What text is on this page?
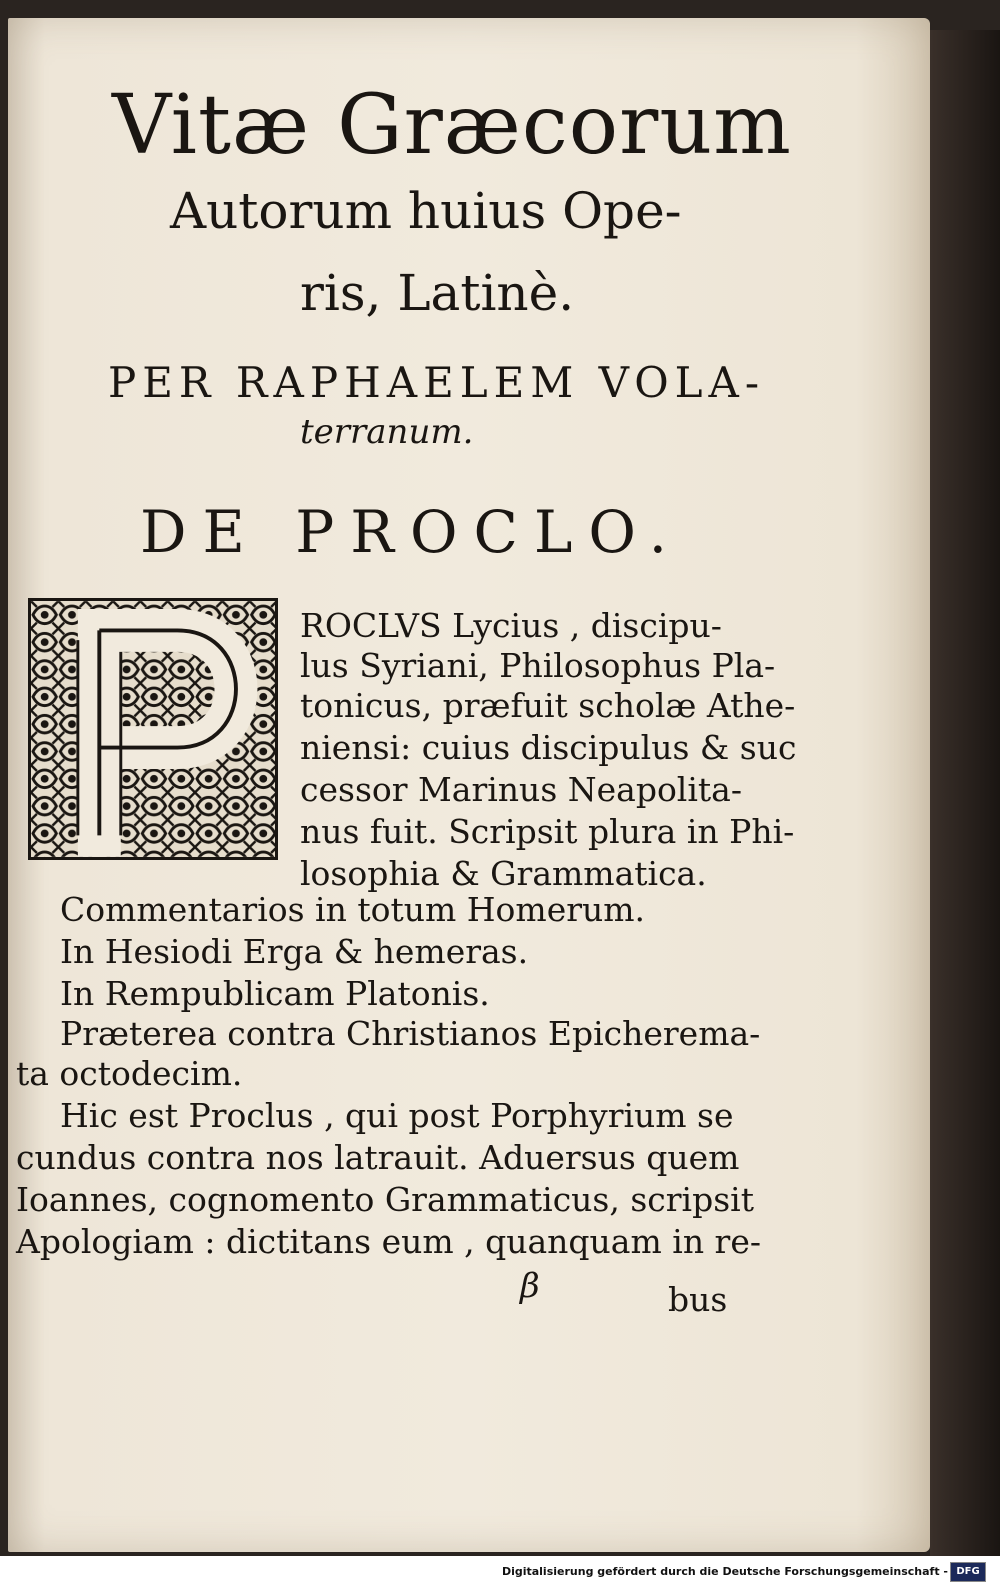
Vitæ Græcorum
Autorum huius Ope-
ris, Latinè.
PER RAPHAELEM VOLA-
terranum.
DE PROCLO.
ROCLVS Lycius , discipu-
lus Syriani, Philosophus Pla-
tonicus, præfuit scholæ Athe-
niensi: cuius discipulus & suc
cessor Marinus Neapolita-
nus fuit. Scripsit plura in Phi-
losophia & Grammatica.
Commentarios in totum Homerum.
In Hesiodi Erga & hemeras.
In Rempublicam Platonis.
Præterea contra Christianos Epicherema-
ta octodecim.
Hic est Proclus , qui post Porphyrium se
cundus contra nos latrauit. Aduersus quem
Ioannes, cognomento Grammaticus, scripsit
Apologiam : dictitans eum , quanquam in re-
β	bus
Digitalisierung gefördert durch die Deutsche Forschungsgemeinschaft - DFG
